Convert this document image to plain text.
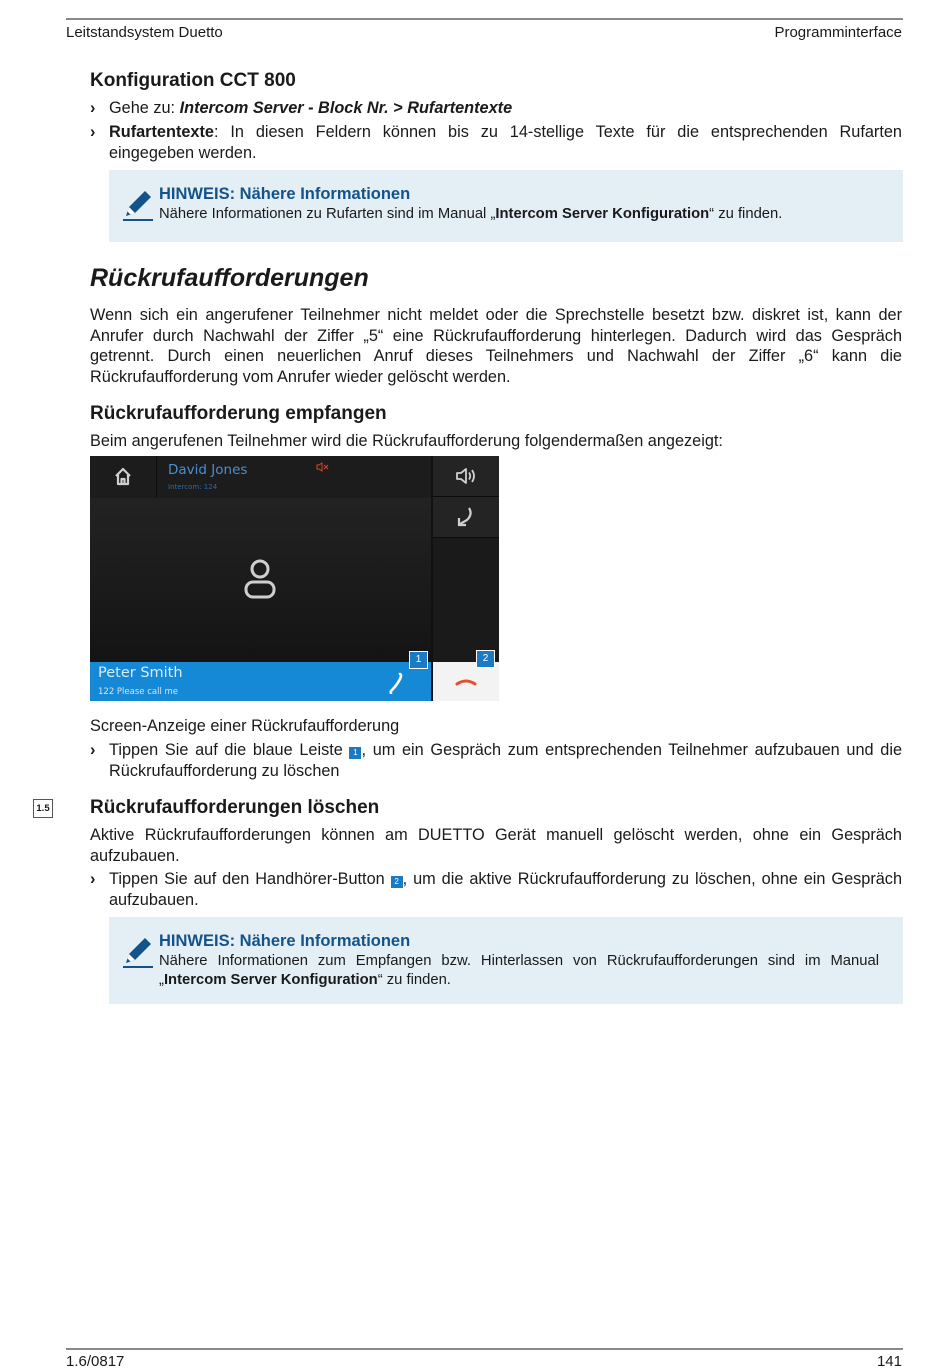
Leitstandsystem Duetto	Programminterface
Konfiguration CCT 800
› Gehe zu: Intercom Server - Block Nr. > Rufartentexte
› Rufartentexte: In diesen Feldern können bis zu 14-stellige Texte für die entsprechenden Rufarten eingegeben werden.
HINWEIS: Nähere Informationen
Nähere Informationen zu Rufarten sind im Manual „Intercom Server Konfiguration“ zu finden.
Rückrufaufforderungen

Wenn sich ein angerufener Teilnehmer nicht meldet oder die Sprechstelle besetzt bzw. diskret ist, kann der Anrufer durch Nachwahl der Ziffer „5“ eine Rückrufaufforderung hinterlegen. Dadurch wird das Gespräch getrennt. Durch einen neuerlichen Anruf dieses Teilnehmers und Nachwahl der Ziffer „6“ kann die Rückrufaufforderung vom Anrufer wieder gelöscht werden.

Rückrufaufforderung empfangen

Beim angerufenen Teilnehmer wird die Rückrufaufforderung folgendermaßen angezeigt:

David Jones
Intercom: 124
Peter Smith
122 Please call me
1	2

Screen-Anzeige einer Rückrufaufforderung

› Tippen Sie auf die blaue Leiste 1 , um ein Gespräch zum entsprechenden Teilnehmer aufzubauen und die Rückrufaufforderung zu löschen
1.5 Rückrufaufforderungen löschen

Aktive Rückrufaufforderungen können am DUETTO Gerät manuell gelöscht werden, ohne ein Gespräch aufzubauen.

› Tippen Sie auf den Handhörer-Button 2 , um die aktive Rückrufaufforderung zu löschen, ohne ein Gespräch aufzubauen.
HINWEIS: Nähere Informationen
Nähere Informationen zum Empfangen bzw. Hinterlassen von Rückrufaufforderungen sind im Manual „Intercom Server Konfiguration“ zu finden.
1.6/0817	141
